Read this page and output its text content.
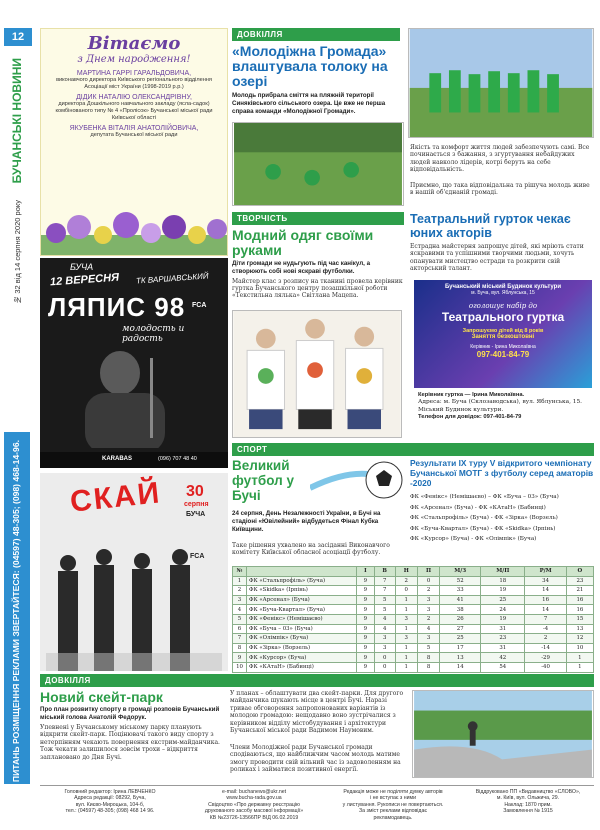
12
БУЧАНСЬКІ НОВИНИ
№ 32 від 14 серпня 2020 року
З ПИТАНЬ РОЗМІЩЕННЯ РЕКЛАМИ ЗВЕРТАЙТЕСЯ: (04597) 48-305; (098) 468-14-96.
Вітаємо
з Днем народження!
МАРТИНА ГАРРІ ГАРАЛЬДОВИЧА,
виконавчого директора Київського регіонального відділення Асоціації міст України (1998-2019 р.р.)
ДІДИК НАТАЛІЮ ОЛЕКСАНДРІВНУ,
директора Дошкільного навчального закладу (ясла-садок) комбінованого типу № 4 «Пролісок» Бучанської міської ради Київської області
ЯКУБЕНКА ВІТАЛІЯ АНАТОЛІЙОВИЧА,
депутата Бучанської міської ради
БУЧА
12 ВЕРЕСНЯ ТК ВАРШАВСЬКИЙ
ЛЯПИС 98 FCA
молодость и радость
KARABAS	(096) 707 48 40
СКАЙ 30
серпня
БУЧА
FCA
ДОВКІЛЛЯ
«Молодіжна Громада» влаштувала толоку на озері
Молодь прибрала сміття на пляжній території Синяківського сільського озера. Це вже не перша справа команди «Молодіжної Громади».
Якість та комфорт життя людей забезпечують самі. Все починається з бажання, з згуртування небайдужих людей навколо лідерів, котрі беруть на себе відповідальність.
Приємно, що така відповідальна та рішуча молодь живе в нашій об'єднаній громаді.
ТВОРЧІСТЬ
Модний одяг своїми руками
Діти громади не нудьгують під час канікул, а створюють собі нові яскраві футболки.
Майстер клас з розпису на тканині провела керівник гуртка Бучанського центру позашкільної роботи «Текстильна лялька» Світлана Мацепа.
Театральний гурток чекає юних акторів
Естрадна майстерня запрошує дітей, які мріють стати яскравими та успішними творчими людьми, хочуть опанувати мистецтво естради та розкрити свій акторський талант.
Бучанський міський Будинок культури
м. Буча, вул. Яблунська, 15
оголошує набір до
Театрального гуртка
Запрошуємо дітей від 8 років
Заняття безкоштовні
Керівник - Ірина Миколаївна
097-401-84-79
Керівник гуртка — Ірина Миколаївна.
Адреса: м. Буча (Склозаводська), вул. Яблунська, 15. Міський Будинок культури.
Телефон для довідок: 097-401-84-79
СПОРТ
Великий футбол у Бучі
24 серпня, День Незалежності України, в Бучі на стадіоні «Ювілейний» відбудеться Фінал Кубка Київщини.
Таке рішення ухвалено на засіданні Виконавчого комітету Київської обласної асоціації футболу.
Результати IX туру V відкритого чемпіонату Бучанської МОТГ з футболу серед аматорів -2020
ФК «Фенікс» (Немішаєво) – ФК «Буча – 03» (Буча)
ФК «Арсенал» (Буча) - ФК «КАтаН» (Бабинці)
ФК «Стальпрофіль» (Буча) - ФК «Зірка» (Ворзель)
ФК «Буча-Квартал» (Буча) - ФК «Skidka» (Ірпінь)
ФК «Курсор» (Буча) - ФК «Олімпік» (Буча)
№		І	В	Н	П	М/З	М/П	Р/М	О
1	ФК «Стальпрофіль» (Буча)	9	7	2	0	52	18	34	23
2	ФК «Skidka» (Ірпінь)	9	7	0	2	33	19	14	21
3	ФК «Арсенал» (Буча)	9	5	1	3	41	25	16	16
4	ФК «Буча-Квартал» (Буча)	9	5	1	3	38	24	14	16
5	ФК «Фенікс» (Немішаєво)	9	4	3	2	26	19	7	15
6	ФК «Буча – 03» (Буча)	9	4	1	4	27	31	-4	13
7	ФК «Олімпік» (Буча)	9	3	3	3	25	23	2	12
8	ФК «Зірка» (Ворзель)	9	3	1	5	17	31	-14	10
9	ФК «Курсор» (Буча)	9	0	1	8	13	42	-29	1
10	ФК «КАтаН» (Бабинці)	9	0	1	8	14	54	-40	1
ДОВКІЛЛЯ
Новий скейт-парк
Про план розвитку спорту в громаді розповів Бучанський міський голова Анатолій Федорук.
Упевнені у Бучанському міському парку планують відкрити скейт-парк. Поцінювачі такого виду спорту з нетерпінням чекають повернення екстрим-майданчика. Тож чекати залишилося зовсім трохи – відкриття заплановано до Дня Бучі.
У планах – облаштувати два скейт-парки. Для другого майданчика шукають місце в центрі Бучі. Наразі тривае обговорення запропонованих варіантів із молодою громадою: нещодавно воно зустрічалися з керівником відділу містобудування і архітектури Бучанської міської ради Вадимом Наумовим.
Члени Молодіжної ради Бучанської громади сподіваються, що найближчим часом молодь матиме змогу проводити свій вільний час із задоволенням на роликах і займатися позитивної енергії.
Головний редактор: Ірина ЛЕВЧЕНКО
Адреса редакції: 08292, Буча,
вул. Києво-Мироцька, 104-б,
тел.: (04597) 48-305; (098) 468 14 96.
e-mail: buchanews@ukr.net
www.bucha-rada.gov.ua
Свідоцтво «Про державну реєстрацію
друкованого засобу масової інформації»
КВ №23726-13566ПР ВІД 06.02.2019
Редакція може не поділяти думку авторів
і не вступає з ними
у листування. Рукописи не повертаються.
За зміст реклами відповідає
рекламодавець.
Віддруковано ПП «Видавництво «СЛОВО»,
м. Київ, вул. Ольжича, 29.
Наклад: 1870 прим.
Замовлення № 1915
